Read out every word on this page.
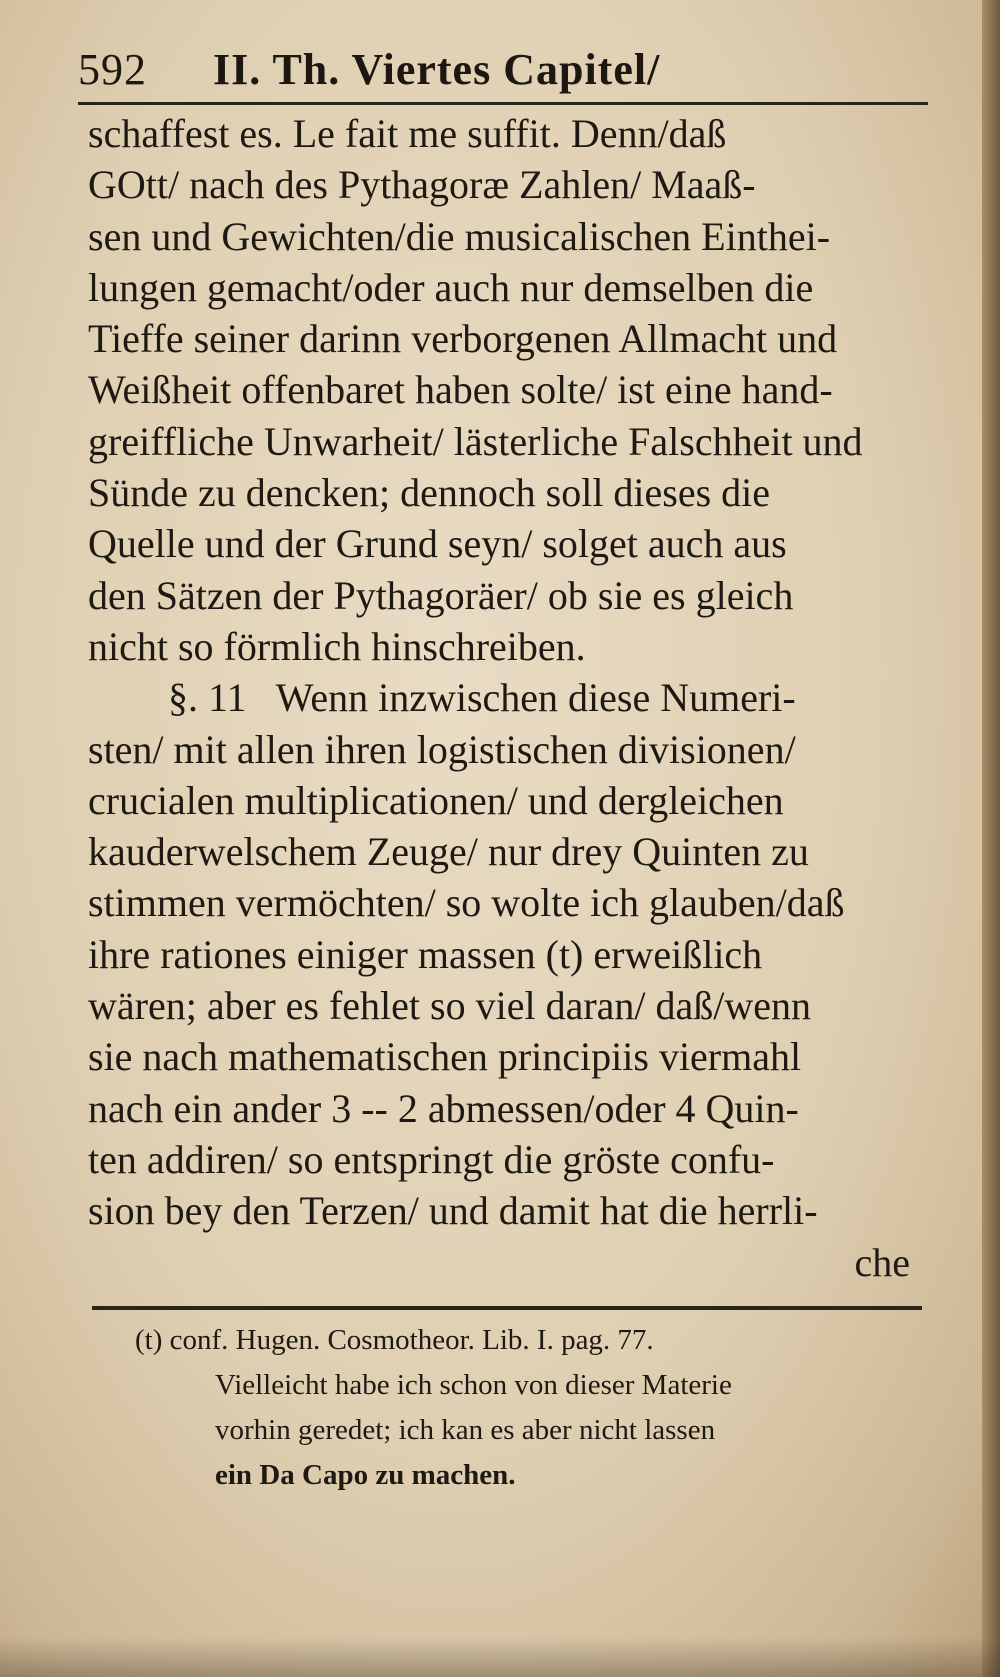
592 II. Th. Viertes Capitel/
schaffest es. Le fait me suffit. Denn/daß
GOtt/ nach des Pythagoræ Zahlen/ Maaß-
sen und Gewichten/die musicalischen Einthei-
lungen gemacht/oder auch nur demselben die
Tieffe seiner darinn verborgenen Allmacht und
Weißheit offenbaret haben solte/ ist eine hand-
greiffliche Unwarheit/ lästerliche Falschheit und
Sünde zu dencken; dennoch soll dieses die
Quelle und der Grund seyn/ solget auch aus
den Sätzen der Pythagoräer/ ob sie es gleich
nicht so förmlich hinschreiben.
§. 11   Wenn inzwischen diese Numeri-
sten/ mit allen ihren logistischen divisionen/
crucialen multiplicationen/ und dergleichen
kauderwelschem Zeuge/ nur drey Quinten zu
stimmen vermöchten/ so wolte ich glauben/daß
ihre rationes einiger massen (t) erweißlich
wären; aber es fehlet so viel daran/ daß/wenn
sie nach mathematischen principiis viermahl
nach ein ander 3 -- 2 abmessen/oder 4 Quin-
ten addiren/ so entspringt die gröste confu-
sion bey den Terzen/ und damit hat die herrli-
che
(t) conf. Hugen. Cosmotheor. Lib. I. pag. 77.
Vielleicht habe ich schon von dieser Materie
vorhin geredet; ich kan es aber nicht lassen
ein Da Capo zu machen.
